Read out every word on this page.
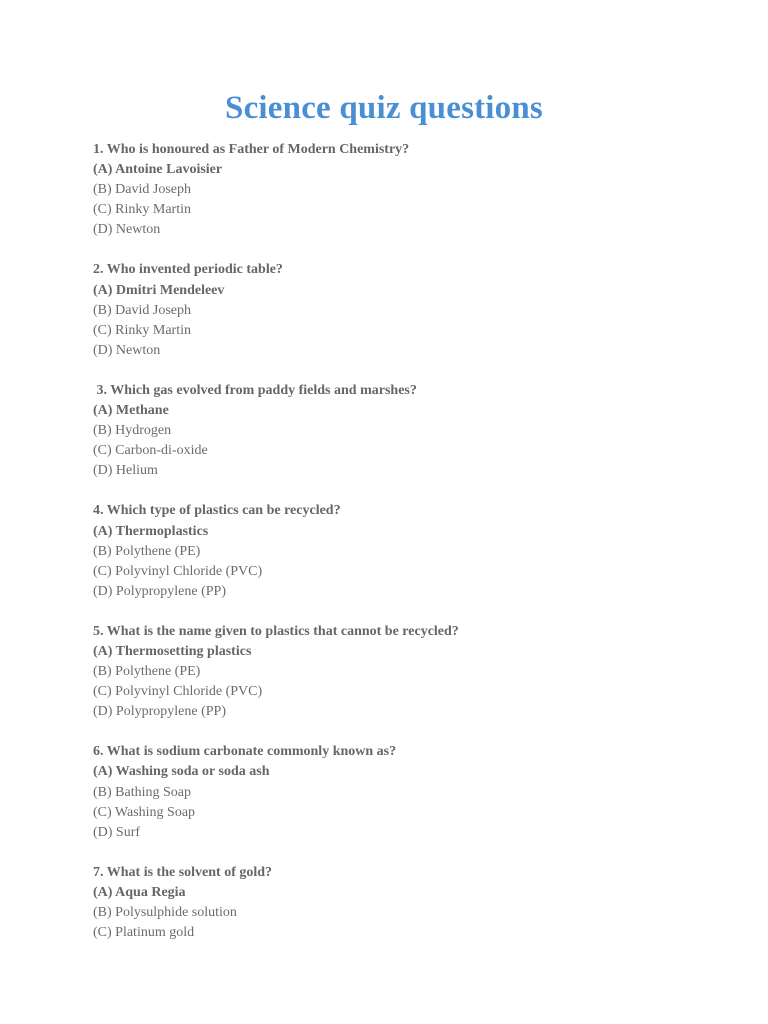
Science quiz questions
1. Who is honoured as Father of Modern Chemistry?
(A) Antoine Lavoisier
(B) David Joseph
(C) Rinky Martin
(D) Newton
2. Who invented periodic table?
(A) Dmitri Mendeleev
(B) David Joseph
(C) Rinky Martin
(D) Newton
3. Which gas evolved from paddy fields and marshes?
(A) Methane
(B) Hydrogen
(C) Carbon-di-oxide
(D) Helium
4. Which type of plastics can be recycled?
(A) Thermoplastics
(B) Polythene (PE)
(C) Polyvinyl Chloride (PVC)
(D) Polypropylene (PP)
5. What is the name given to plastics that cannot be recycled?
(A) Thermosetting plastics
(B) Polythene (PE)
(C) Polyvinyl Chloride (PVC)
(D) Polypropylene (PP)
6. What is sodium carbonate commonly known as?
(A) Washing soda or soda ash
(B) Bathing Soap
(C) Washing Soap
(D) Surf
7. What is the solvent of gold?
(A) Aqua Regia
(B) Polysulphide solution
(C) Platinum gold
